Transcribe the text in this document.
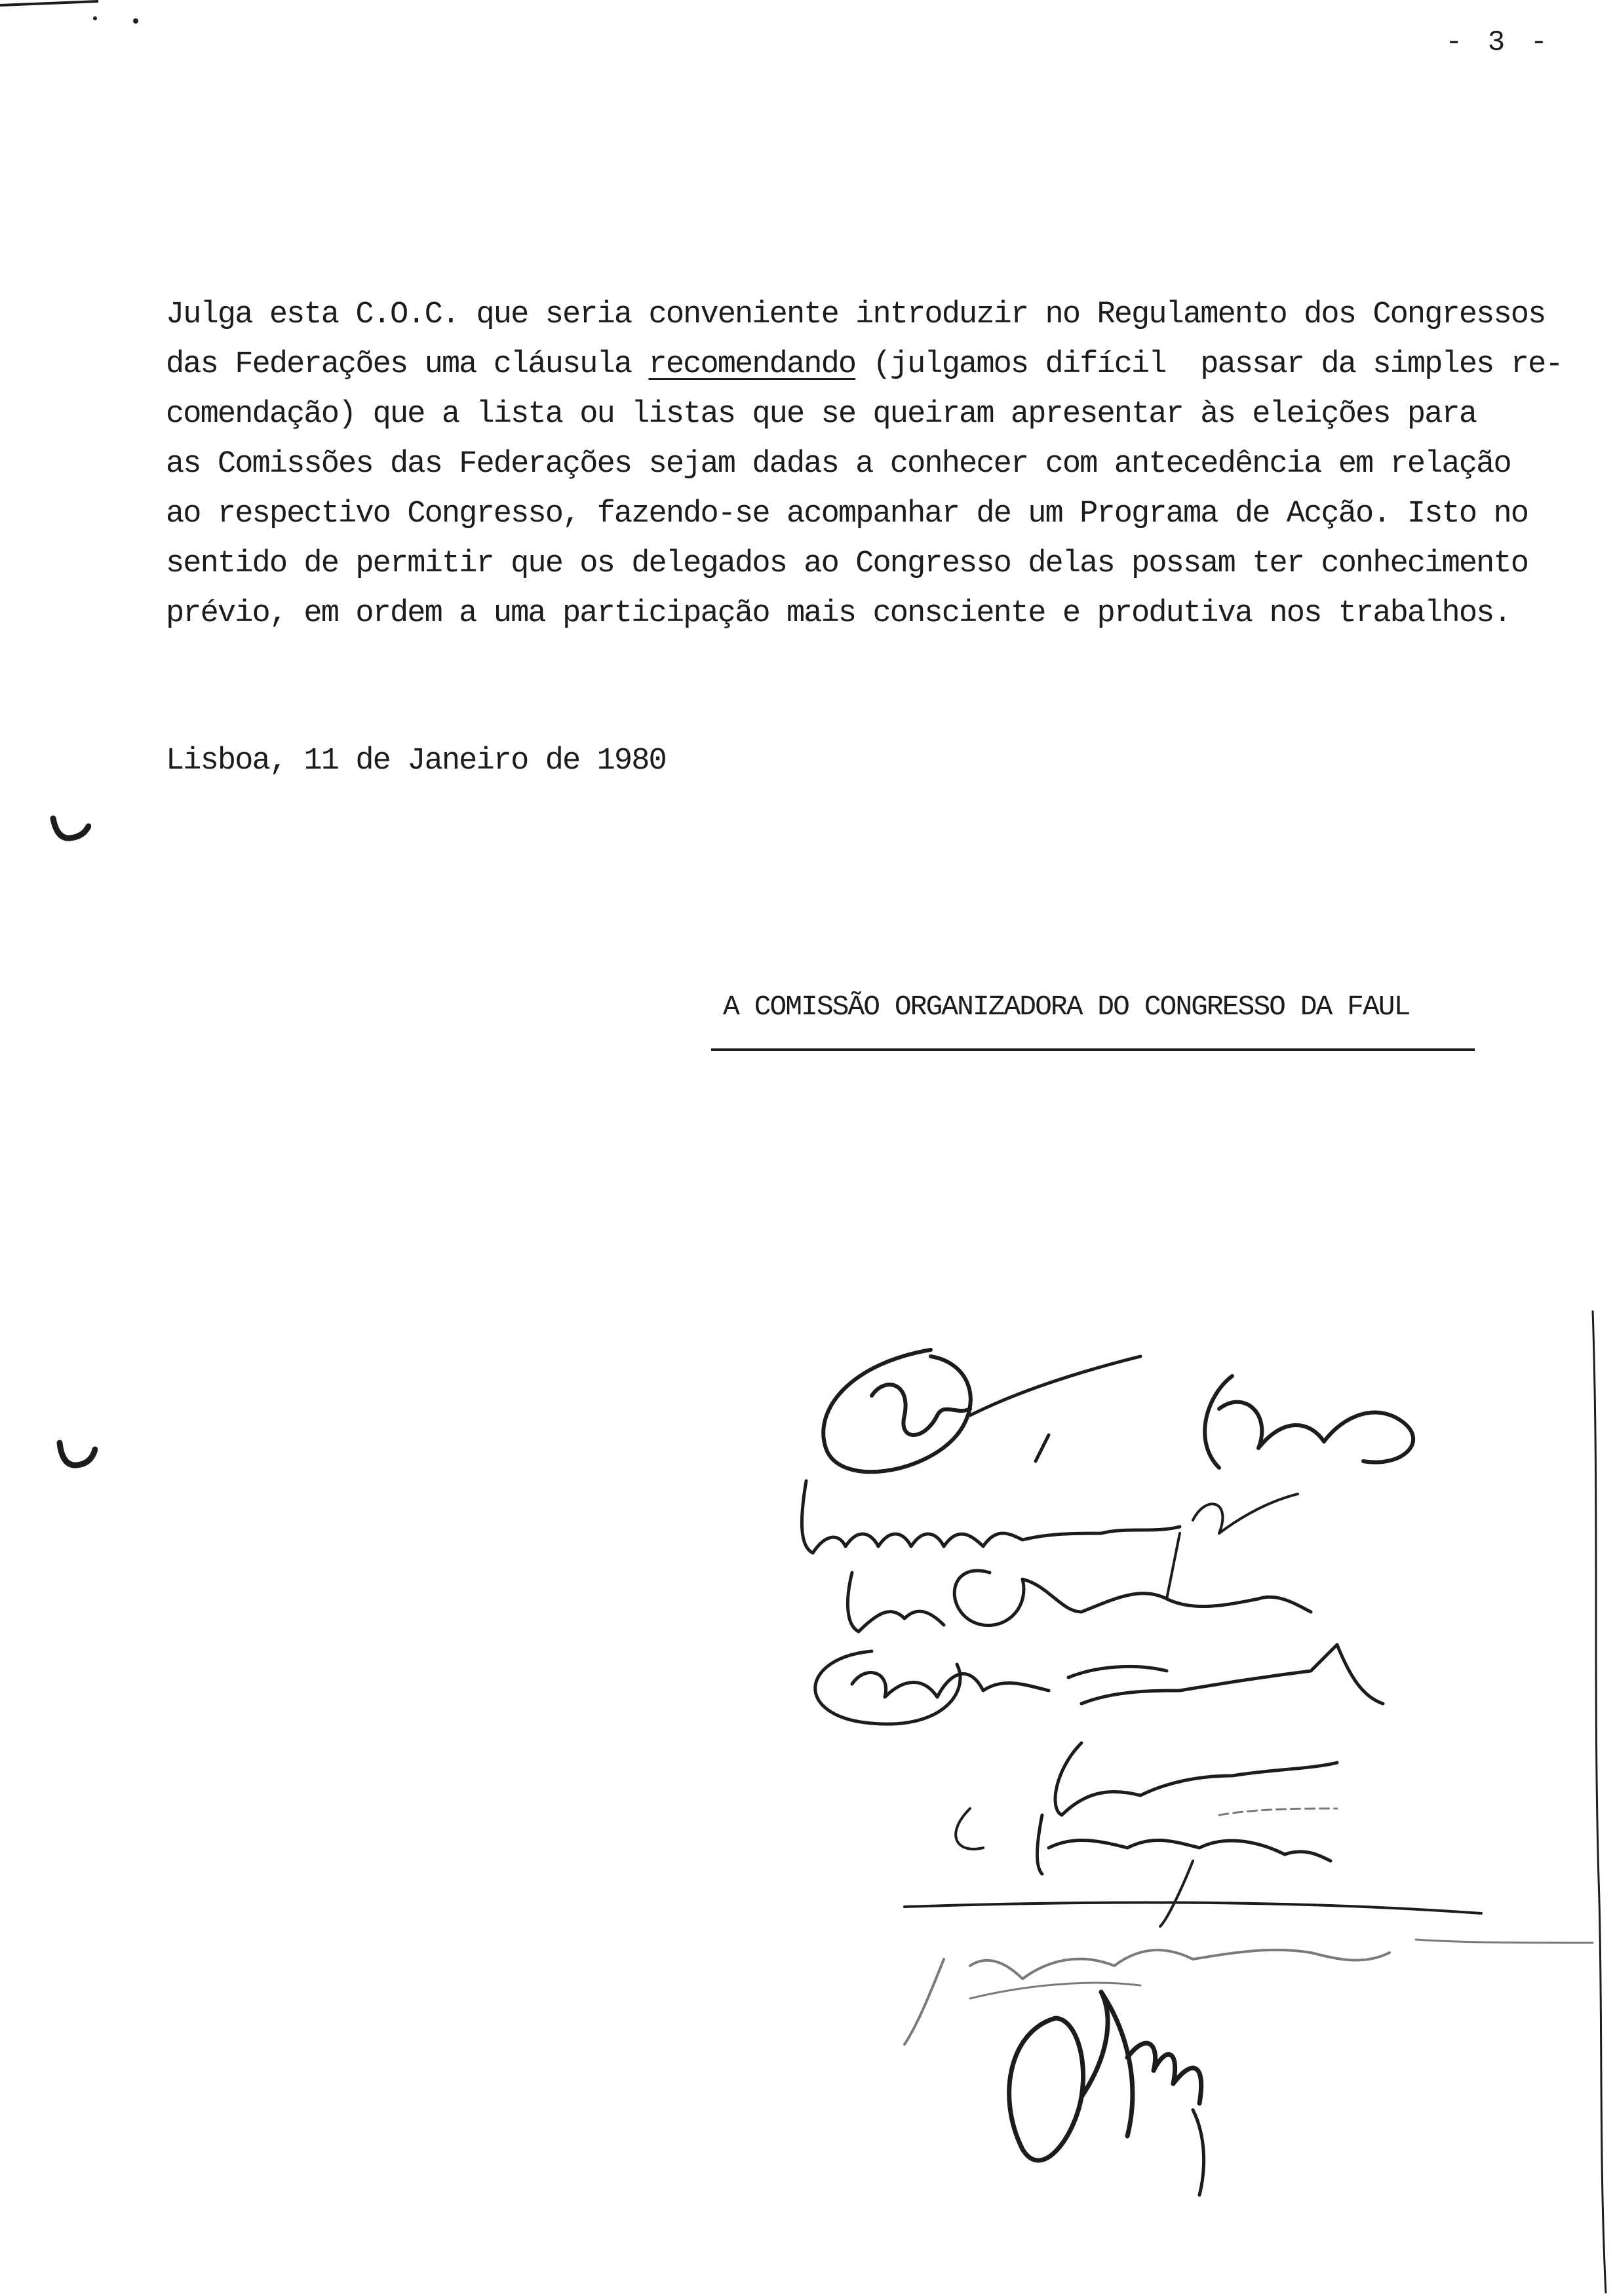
- 3 -
Julga esta C.O.C. que seria conveniente introduzir no Regulamento dos Congressos
das Federações uma cláusula recomendando (julgamos difícil  passar da simples re-
comendação) que a lista ou listas que se queiram apresentar às eleições para
as Comissões das Federações sejam dadas a conhecer com antecedência em relação
ao respectivo Congresso, fazendo-se acompanhar de um Programa de Acção. Isto no
sentido de permitir que os delegados ao Congresso delas possam ter conhecimento
prévio, em ordem a uma participação mais consciente e produtiva nos trabalhos.
Lisboa, 11 de Janeiro de 1980
A COMISSÃO ORGANIZADORA DO CONGRESSO DA FAUL
